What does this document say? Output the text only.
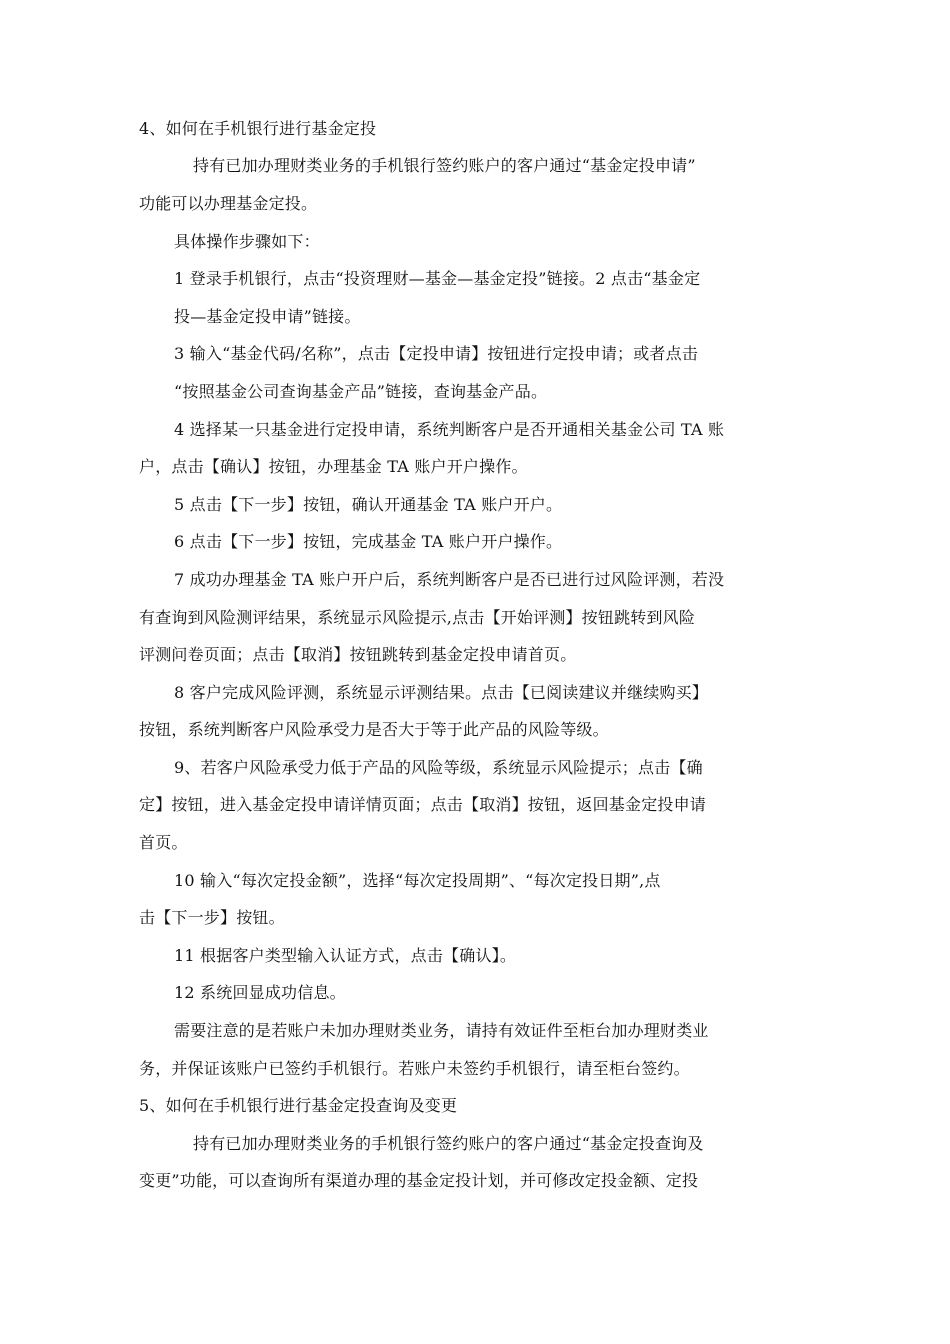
4、如何在手机银行进行基金定投
持有已加办理财类业务的手机银行签约账户的客户通过“基金定投申请”
功能可以办理基金定投。
具体操作步骤如下：
1 登录手机银行，点击“投资理财—基金—基金定投”链接。2 点击“基金定
投—基金定投申请”链接。
3 输入“基金代码/名称”，点击【定投申请】按钮进行定投申请；或者点击
“按照基金公司查询基金产品”链接，查询基金产品。
4 选择某一只基金进行定投申请，系统判断客户是否开通相关基金公司 TA 账
户，点击【确认】按钮，办理基金 TA 账户开户操作。
5 点击【下一步】按钮，确认开通基金 TA 账户开户。
6 点击【下一步】按钮，完成基金 TA 账户开户操作。
7 成功办理基金 TA 账户开户后，系统判断客户是否已进行过风险评测，若没
有查询到风险测评结果，系统显示风险提示,点击【开始评测】按钮跳转到风险
评测问卷页面；点击【取消】按钮跳转到基金定投申请首页。
8 客户完成风险评测，系统显示评测结果。点击【已阅读建议并继续购买】
按钮，系统判断客户风险承受力是否大于等于此产品的风险等级。
9、若客户风险承受力低于产品的风险等级，系统显示风险提示；点击【确
定】按钮，进入基金定投申请详情页面；点击【取消】按钮，返回基金定投申请
首页。
10 输入“每次定投金额”，选择“每次定投周期”、“每次定投日期”,点
击【下一步】按钮。
11 根据客户类型输入认证方式，点击【确认】。
12 系统回显成功信息。
需要注意的是若账户未加办理财类业务，请持有效证件至柜台加办理财类业
务，并保证该账户已签约手机银行。若账户未签约手机银行，请至柜台签约。
5、如何在手机银行进行基金定投查询及变更
持有已加办理财类业务的手机银行签约账户的客户通过“基金定投查询及
变更”功能，可以查询所有渠道办理的基金定投计划，并可修改定投金额、定投
